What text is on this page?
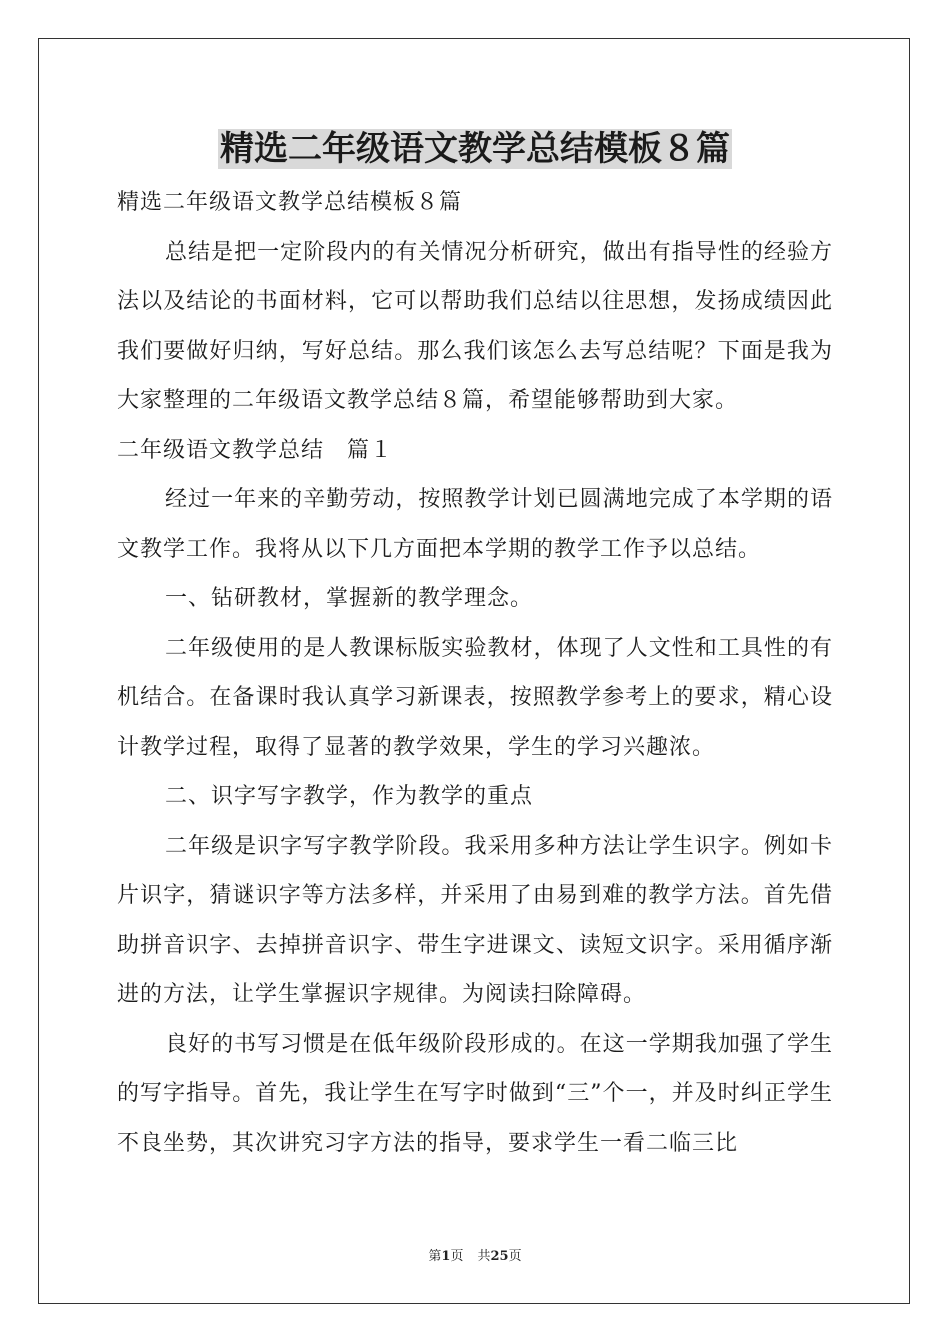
精选二年级语文教学总结模板８篇

精选二年级语文教学总结模板８篇

总结是把一定阶段内的有关情况分析研究，做出有指导性的经验方法以及结论的书面材料，它可以帮助我们总结以往思想，发扬成绩因此我们要做好归纳，写好总结。那么我们该怎么去写总结呢？下面是我为大家整理的二年级语文教学总结８篇，希望能够帮助到大家。

二年级语文教学总结　篇１

经过一年来的辛勤劳动，按照教学计划已圆满地完成了本学期的语文教学工作。我将从以下几方面把本学期的教学工作予以总结。

一、钻研教材，掌握新的教学理念。

二年级使用的是人教课标版实验教材，体现了人文性和工具性的有机结合。在备课时我认真学习新课表，按照教学参考上的要求，精心设计教学过程，取得了显著的教学效果，学生的学习兴趣浓。

二、识字写字教学，作为教学的重点

二年级是识字写字教学阶段。我采用多种方法让学生识字。例如卡片识字，猜谜识字等方法多样，并采用了由易到难的教学方法。首先借助拼音识字、去掉拼音识字、带生字进课文、读短文识字。采用循序渐进的方法，让学生掌握识字规律。为阅读扫除障碍。

良好的书写习惯是在低年级阶段形成的。在这一学期我加强了学生的写字指导。首先，我让学生在写字时做到“三”个一，并及时纠正学生不良坐势，其次讲究习字方法的指导，要求学生一看二临三比

第1页 共25页
